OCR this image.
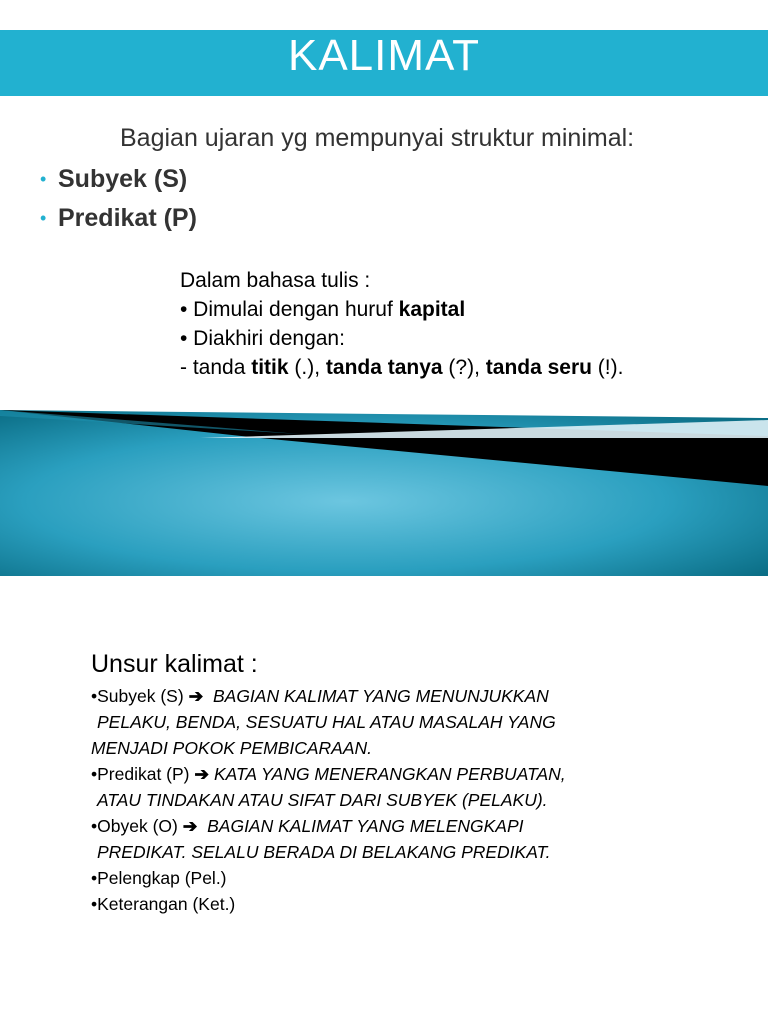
KALIMAT
Bagian ujaran yg mempunyai struktur minimal:
• Subyek (S)
• Predikat (P)
Dalam bahasa tulis :
• Dimulai dengan huruf kapital
• Diakhiri dengan:
- tanda titik (.), tanda tanya (?), tanda seru (!).
Unsur kalimat :
•Subyek (S) ➔ BAGIAN KALIMAT YANG MENUNJUKKAN
PELAKU, BENDA, SESUATU HAL ATAU MASALAH YANG
MENJADI POKOK PEMBICARAAN.
•Predikat (P) ➔ KATA YANG MENERANGKAN PERBUATAN,
ATAU TINDAKAN ATAU SIFAT DARI SUBYEK (PELAKU).
•Obyek (O) ➔ BAGIAN KALIMAT YANG MELENGKAPI
PREDIKAT. SELALU BERADA DI BELAKANG PREDIKAT.
•Pelengkap (Pel.)
•Keterangan (Ket.)
